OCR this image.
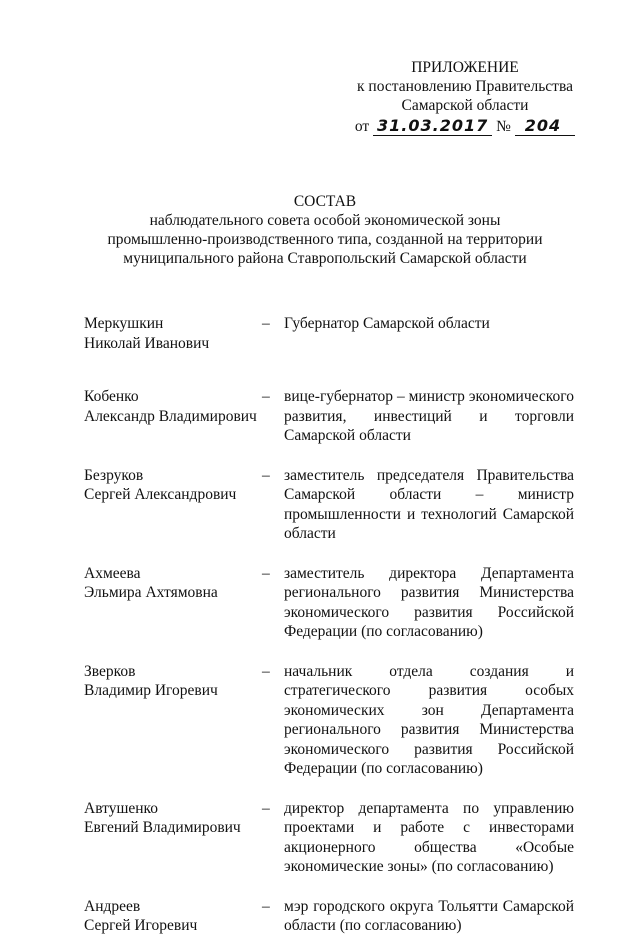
ПРИЛОЖЕНИЕ
к постановлению Правительства
Самарской области
от 31.03.2017 № 204
СОСТАВ
наблюдательного совета особой экономической зоны
промышленно-производственного типа, созданной на территории
муниципального района Ставропольский Самарской области
Меркушкин
Николай Иванович
– Губернатор Самарской области
Кобенко
Александр Владимирович
– вице-губернатор – министр экономического развития, инвестиций и торговли Самарской области
Безруков
Сергей Александрович
– заместитель председателя Правительства Самарской области – министр промышленности и технологий Самарской области
Ахмеева
Эльмира Ахтямовна
– заместитель директора Департамента регионального развития Министерства экономического развития Российской Федерации (по согласованию)
Зверков
Владимир Игоревич
– начальник отдела создания и стратегического развития особых экономических зон Департамента регионального развития Министерства экономического развития Российской Федерации (по согласованию)
Автушенко
Евгений Владимирович
– директор департамента по управлению проектами и работе с инвесторами акционерного общества «Особые экономические зоны» (по согласованию)
Андреев
Сергей Игоревич
– мэр городского округа Тольятти Самарской области (по согласованию)
